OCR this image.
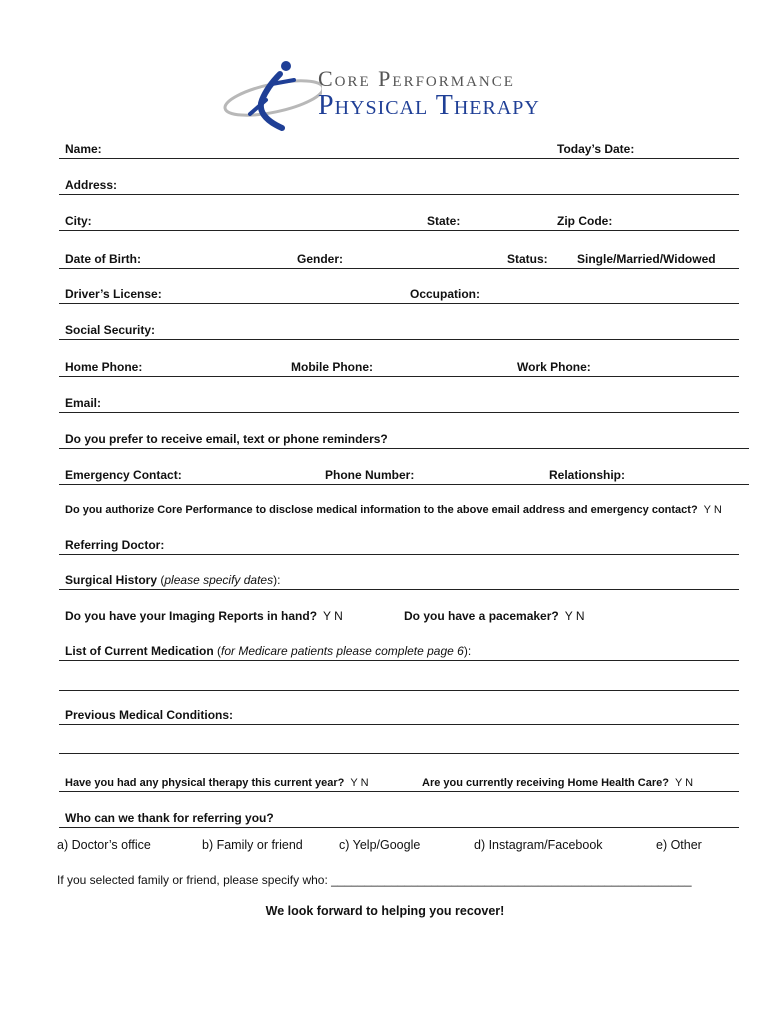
Core Performance
Physical Therapy
Name:	Today’s Date:
Address:
City:	State:	Zip Code:
Date of Birth:	Gender:	Status: Single/Married/Widowed
Driver’s License:	Occupation:
Social Security:
Home Phone:	Mobile Phone:	Work Phone:
Email:
Do you prefer to receive email, text or phone reminders?
Emergency Contact:	Phone Number:	Relationship:
Do you authorize Core Performance to disclose medical information to the above email address and emergency contact? Y N
Referring Doctor:
Surgical History (please specify dates):
Do you have your Imaging Reports in hand? Y N	Do you have a pacemaker? Y N
List of Current Medication (for Medicare patients please complete page 6):
Previous Medical Conditions:
Have you had any physical therapy this current year? Y N	Are you currently receiving Home Health Care? Y N
Who can we thank for referring you?
a) Doctor’s office	b) Family or friend	c) Yelp/Google	d) Instagram/Facebook	e) Other
If you selected family or friend, please specify who: ______________________________________________________
We look forward to helping you recover!
